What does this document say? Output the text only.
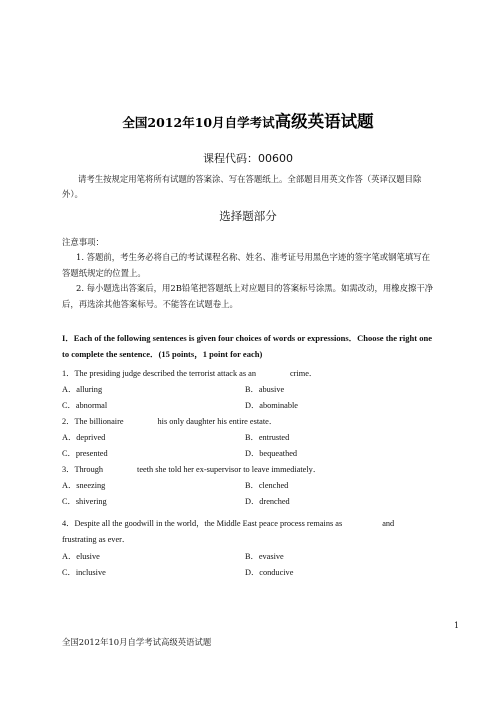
全国2012年10月自学考试高级英语试题
课程代码：00600
请考生按规定用笔将所有试题的答案涂、写在答题纸上。全部题目用英文作答（英译汉题目除外）。
选择题部分
注意事项：
1. 答题前，考生务必将自己的考试课程名称、姓名、准考证号用黑色字迹的签字笔或钢笔填写在答题纸规定的位置上。
2. 每小题选出答案后，用2B铅笔把答题纸上对应题目的答案标号涂黑。如需改动，用橡皮擦干净后，再选涂其他答案标号。不能答在试题卷上。
I．Each of the following sentences is given four choices of words or expressions．Choose the right one to complete the sentence．(15 points，1 point for each)
1．The presiding judge described the terrorist attack as an	crime．
A．alluring	B．abusive
C．abnormal	D．abominable
2．The billionaire	his only daughter his entire estate．
A．deprived	B．entrusted
C．presented	D．bequeathed
3．Through	teeth she told her ex-supervisor to leave immediately．
A．sneezing	B．clenched
C．shivering	D．drenched
4．Despite all the goodwill in the world，the Middle East peace process remains as	and
frustrating as ever．
A．elusive	B．evasive
C．inclusive	D．conducive
1
全国2012年10月自学考试高级英语试题
